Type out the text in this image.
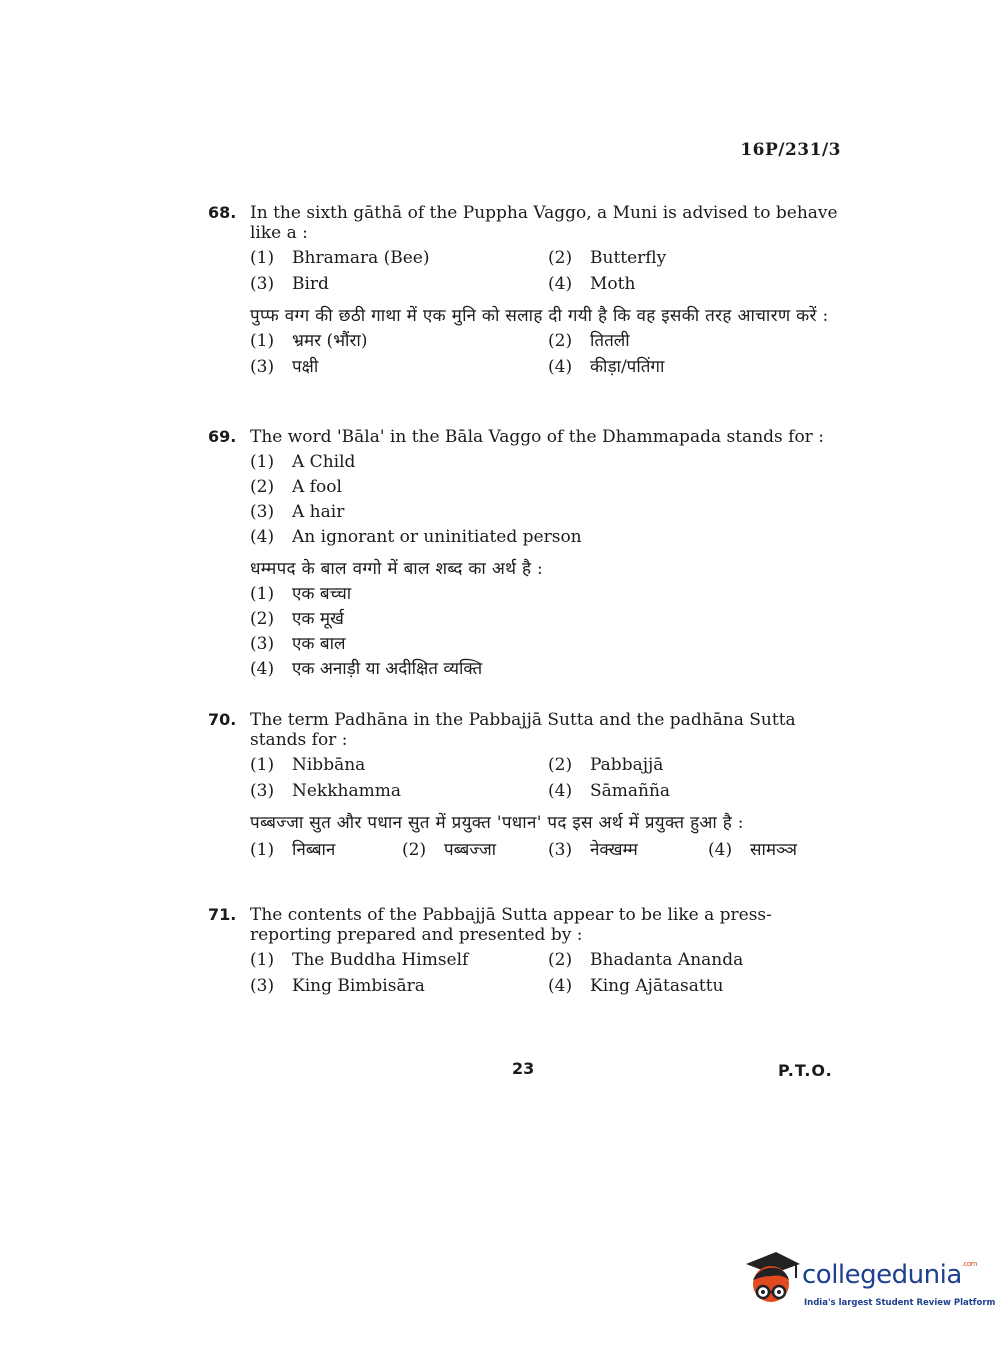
16P/231/3
68. In the sixth gāthā of the Puppha Vaggo, a Muni is advised to behave like a :
(1)	Bhramara (Bee)	(2)	Butterfly
(3)	Bird	(4)	Moth
पुप्फ वग्ग की छठी गाथा में एक मुनि को सलाह दी गयी है कि वह इसकी तरह आचारण करें :
(1)	भ्रमर (भौंरा)	(2)	तितली
(3)	पक्षी	(4)	कीड़ा/पतिंगा
69. The word 'Bāla' in the Bāla Vaggo of the Dhammapada stands for :
(1)	A Child
(2)	A fool
(3)	A hair
(4)	An ignorant or uninitiated person
धम्मपद के बाल वग्गो में बाल शब्द का अर्थ है :
(1)	एक बच्चा
(2)	एक मूर्ख
(3)	एक बाल
(4)	एक अनाड़ी या अदीक्षित व्यक्ति
70. The term Padhāna in the Pabbajjā Sutta and the padhāna Sutta stands for :
(1)	Nibbāna	(2)	Pabbajjā
(3)	Nekkhamma	(4)	Sāmañña
पब्बज्जा सुत और पधान सुत में प्रयुक्त 'पधान' पद इस अर्थ में प्रयुक्त हुआ है :
(1)	निब्बान	(2)	पब्बज्जा	(3)	नेक्खम्म	(4)	सामञ्ञ
71. The contents of the Pabbajjā Sutta appear to be like a press-reporting prepared and presented by :
(1)	The Buddha Himself	(2)	Bhadanta Ananda
(3)	King Bimbisāra	(4)	King Ajātasattu
23	P.T.O.
collegedunia$^{.com}$
India's largest Student Review Platform
